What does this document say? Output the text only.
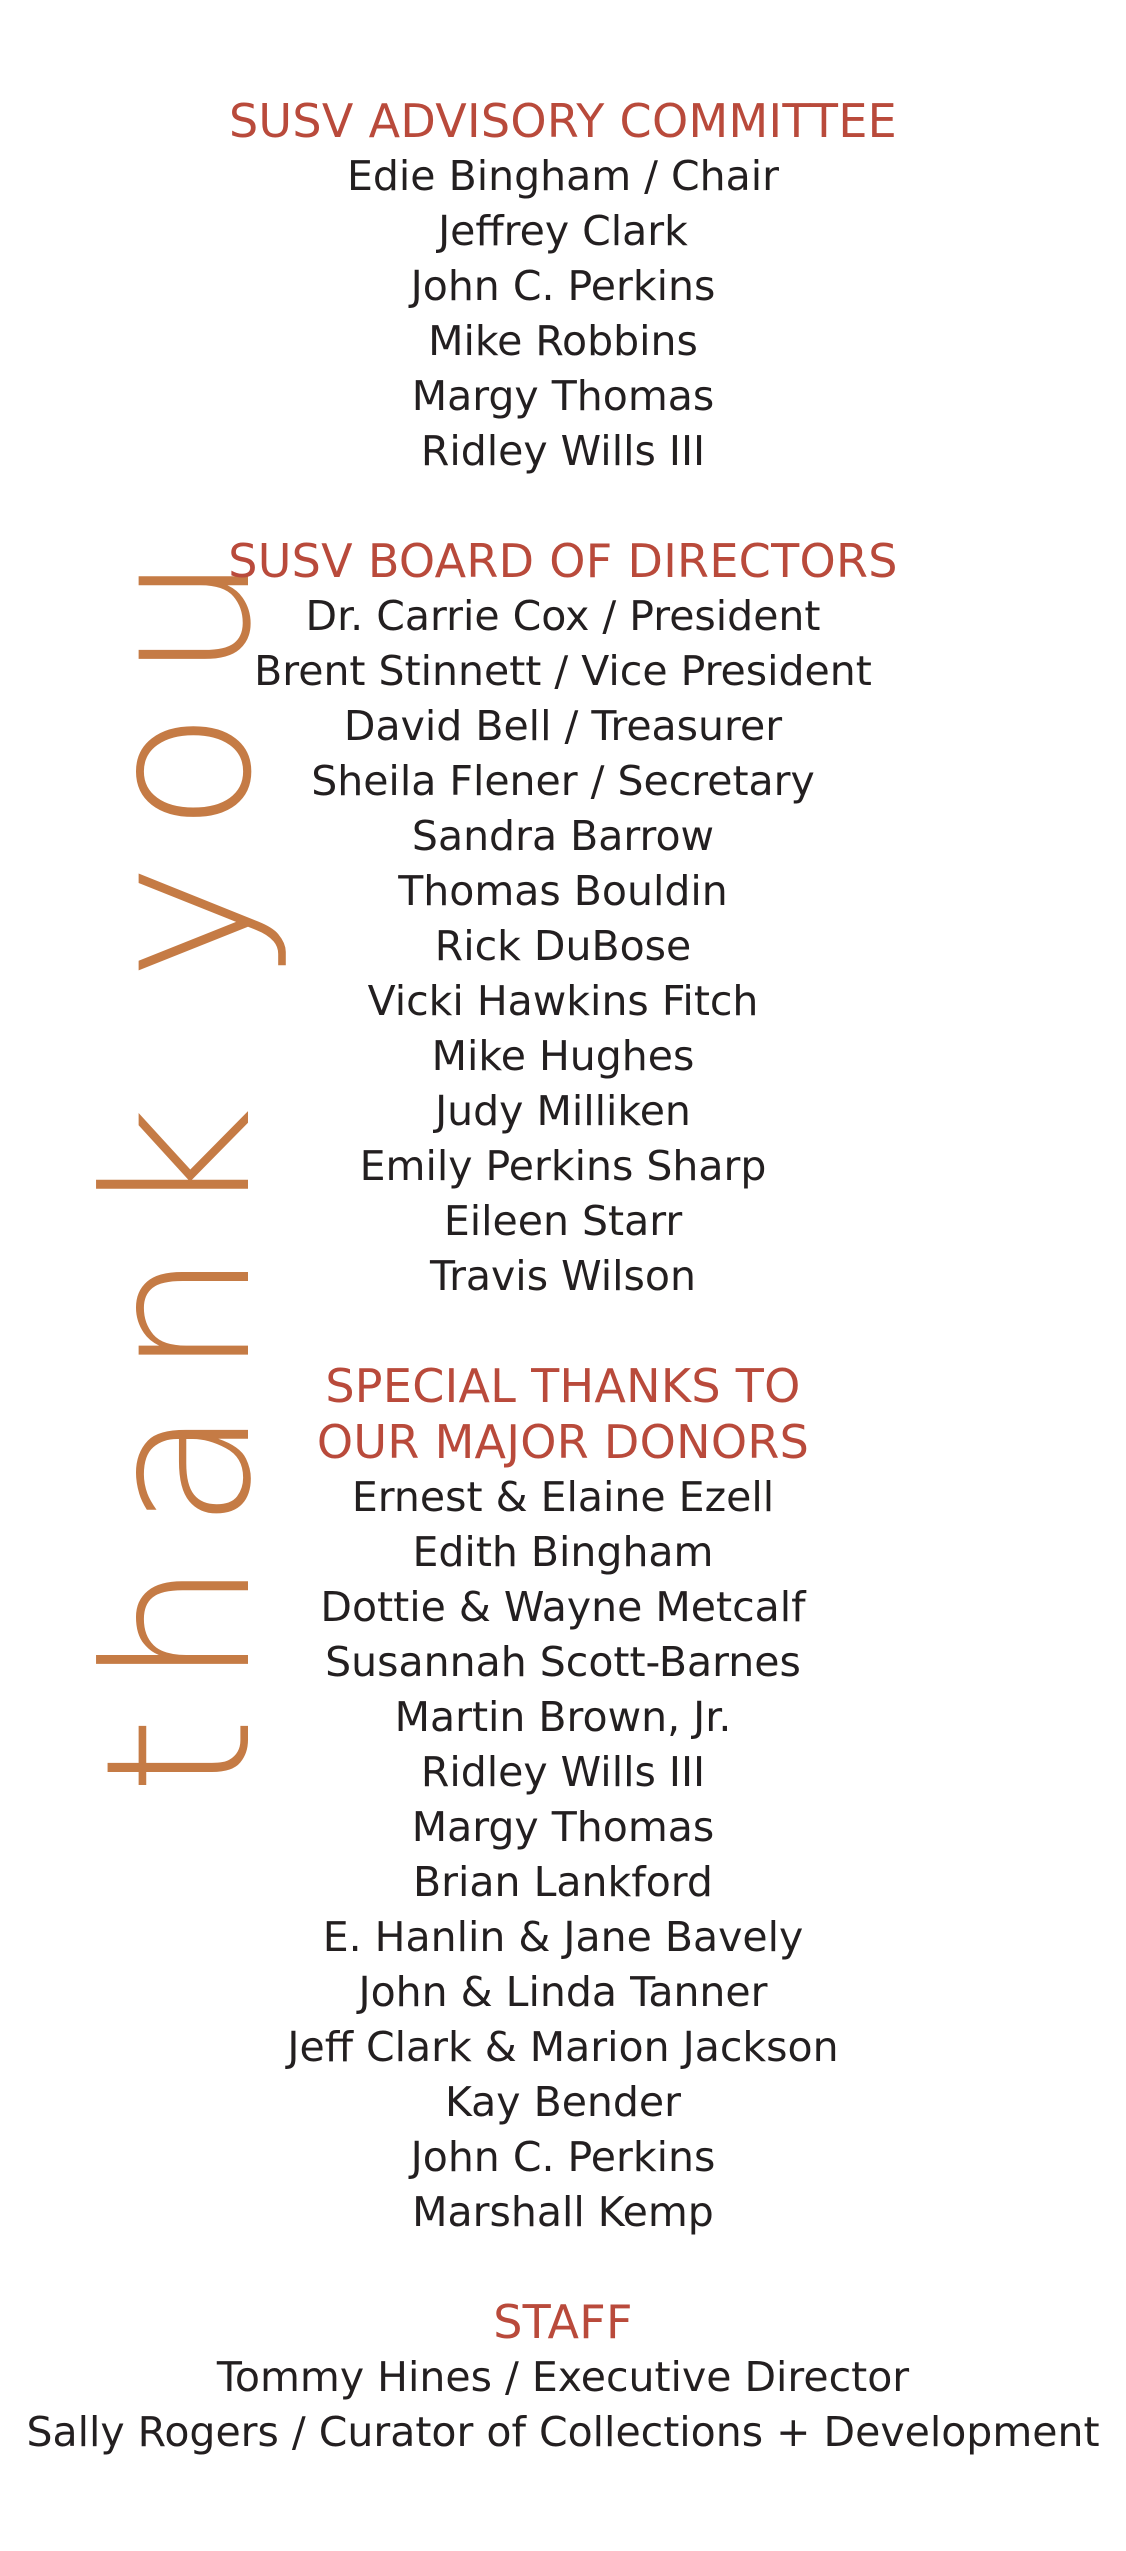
thank you
SUSV ADVISORY COMMITTEE

Edie Bingham / Chair

Jeffrey Clark

John C. Perkins

Mike Robbins

Margy Thomas

Ridley Wills III

SUSV BOARD OF DIRECTORS

Dr. Carrie Cox / President

Brent Stinnett / Vice President

David Bell / Treasurer

Sheila Flener / Secretary

Sandra Barrow

Thomas Bouldin

Rick DuBose

Vicki Hawkins Fitch

Mike Hughes

Judy Milliken

Emily Perkins Sharp

Eileen Starr

Travis Wilson

SPECIAL THANKS TO
OUR MAJOR DONORS

Ernest & Elaine Ezell

Edith Bingham

Dottie & Wayne Metcalf

Susannah Scott-Barnes

Martin Brown, Jr.

Ridley Wills III

Margy Thomas

Brian Lankford

E. Hanlin & Jane Bavely

John & Linda Tanner

Jeff Clark & Marion Jackson

Kay Bender

John C. Perkins

Marshall Kemp

STAFF

Tommy Hines / Executive Director

Sally Rogers / Curator of Collections + Development
